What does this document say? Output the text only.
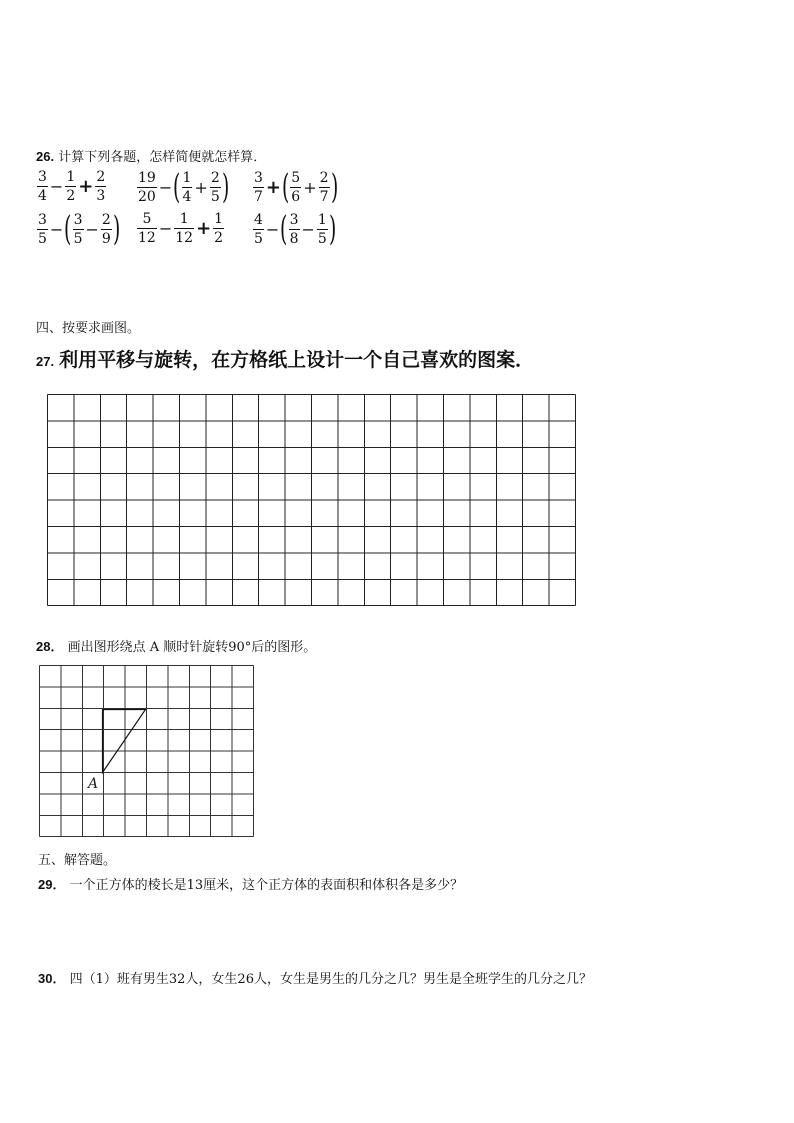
26. 计算下列各题，怎样简便就怎样算．
$\frac{3}{4} - \frac{1}{2} + \frac{2}{3} \frac{19}{20}$ − ( $\frac{1}{4} + \frac{2}{5}$ ) $\frac{3}{7}$ + ( $\frac{5}{6} + \frac{2}{7}$ )
$\frac{3}{5}$ − ( $\frac{3}{5} - \frac{2}{9}$ ) $\frac{5}{12} - \frac{1}{12} + \frac{1}{2} \frac{4}{5}$ − ( $\frac{3}{8} - \frac{1}{5}$ )
四、按要求画图。
27. 利用平移与旋转，在方格纸上设计一个自己喜欢的图案．
28． 画出图形绕点 A 顺时针旋转90°后的图形。
A
五、解答题。
29． 一个正方体的棱长是13厘米，这个正方体的表面积和体积各是多少？
30． 四（1）班有男生32人，女生26人，女生是男生的几分之几？男生是全班学生的几分之几？
